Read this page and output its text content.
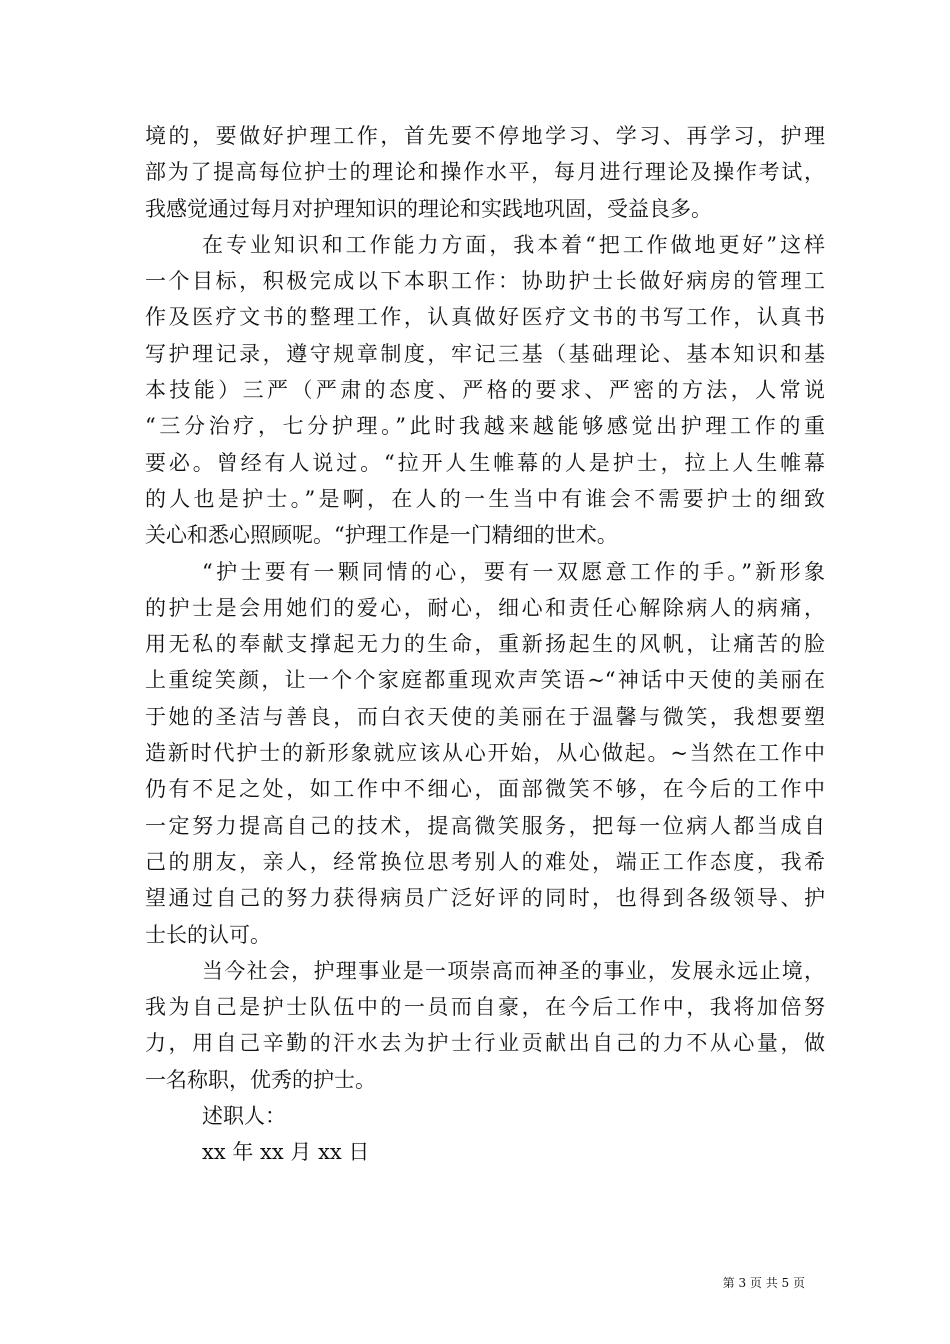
境的，要做好护理工作，首先要不停地学习、学习、再学习，护理
部为了提高每位护士的理论和操作水平，每月进行理论及操作考试，
我感觉通过每月对护理知识的理论和实践地巩固，受益良多。
在专业知识和工作能力方面，我本着“把工作做地更好”这样
一个目标，积极完成以下本职工作：协助护士长做好病房的管理工
作及医疗文书的整理工作，认真做好医疗文书的书写工作，认真书
写护理记录，遵守规章制度，牢记三基（基础理论、基本知识和基
本技能）三严（严肃的态度、严格的要求、严密的方法，人常说
“三分治疗，七分护理。”此时我越来越能够感觉出护理工作的重
要必。曾经有人说过。“拉开人生帷幕的人是护士，拉上人生帷幕
的人也是护士。”是啊，在人的一生当中有谁会不需要护士的细致
关心和悉心照顾呢。“护理工作是一门精细的世术。
“护士要有一颗同情的心，要有一双愿意工作的手。”新形象
的护士是会用她们的爱心，耐心，细心和责任心解除病人的病痛，
用无私的奉献支撑起无力的生命，重新扬起生的风帆，让痛苦的脸
上重绽笑颜，让一个个家庭都重现欢声笑语~“神话中天使的美丽在
于她的圣洁与善良，而白衣天使的美丽在于温馨与微笑，我想要塑
造新时代护士的新形象就应该从心开始，从心做起。~当然在工作中
仍有不足之处，如工作中不细心，面部微笑不够，在今后的工作中
一定努力提高自己的技术，提高微笑服务，把每一位病人都当成自
己的朋友，亲人，经常换位思考别人的难处，端正工作态度，我希
望通过自己的努力获得病员广泛好评的同时，也得到各级领导、护
士长的认可。
当今社会，护理事业是一项崇高而神圣的事业，发展永远止境，
我为自己是护士队伍中的一员而自豪，在今后工作中，我将加倍努
力，用自己辛勤的汗水去为护士行业贡献出自己的力不从心量，做
一名称职，优秀的护士。
述职人：
xx 年 xx 月 xx 日
第 3 页 共 5 页
